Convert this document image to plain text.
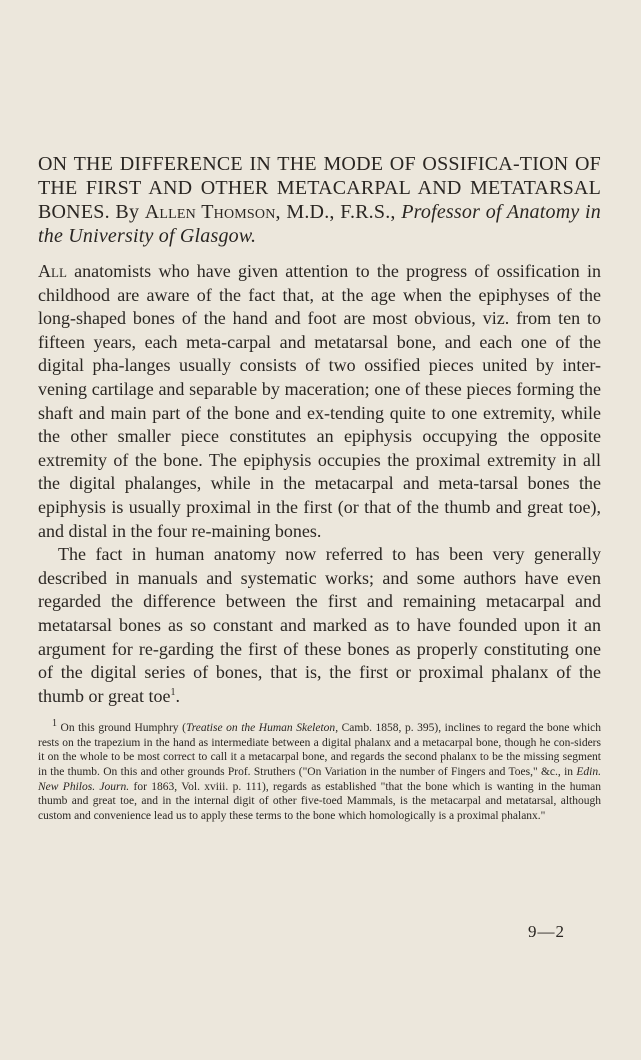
ON THE DIFFERENCE IN THE MODE OF OSSIFICA-TION OF THE FIRST AND OTHER METACARPAL AND METATARSAL BONES. By Allen Thomson, M.D., F.R.S., Professor of Anatomy in the University of Glasgow.

All anatomists who have given attention to the progress of ossification in childhood are aware of the fact that, at the age when the epiphyses of the long-shaped bones of the hand and foot are most obvious, viz. from ten to fifteen years, each meta-carpal and metatarsal bone, and each one of the digital pha-langes usually consists of two ossified pieces united by inter-vening cartilage and separable by maceration; one of these pieces forming the shaft and main part of the bone and ex-tending quite to one extremity, while the other smaller piece constitutes an epiphysis occupying the opposite extremity of the bone. The epiphysis occupies the proximal extremity in all the digital phalanges, while in the metacarpal and meta-tarsal bones the epiphysis is usually proximal in the first (or that of the thumb and great toe), and distal in the four re-maining bones.

The fact in human anatomy now referred to has been very generally described in manuals and systematic works; and some authors have even regarded the difference between the first and remaining metacarpal and metatarsal bones as so constant and marked as to have founded upon it an argument for re-garding the first of these bones as properly constituting one of the digital series of bones, that is, the first or proximal phalanx of the thumb or great toe$^1$.

$^1$ On this ground Humphry (Treatise on the Human Skeleton, Camb. 1858, p. 395), inclines to regard the bone which rests on the trapezium in the hand as intermediate between a digital phalanx and a metacarpal bone, though he con-siders it on the whole to be most correct to call it a metacarpal bone, and regards the second phalanx to be the missing segment in the thumb. On this and other grounds Prof. Struthers ("On Variation in the number of Fingers and Toes," &c., in Edin. New Philos. Journ. for 1863, Vol. xviii. p. 111), regards as established "that the bone which is wanting in the human thumb and great toe, and in the internal digit of other five-toed Mammals, is the metacarpal and metatarsal, although custom and convenience lead us to apply these terms to the bone which homologically is a proximal phalanx."

9—2
